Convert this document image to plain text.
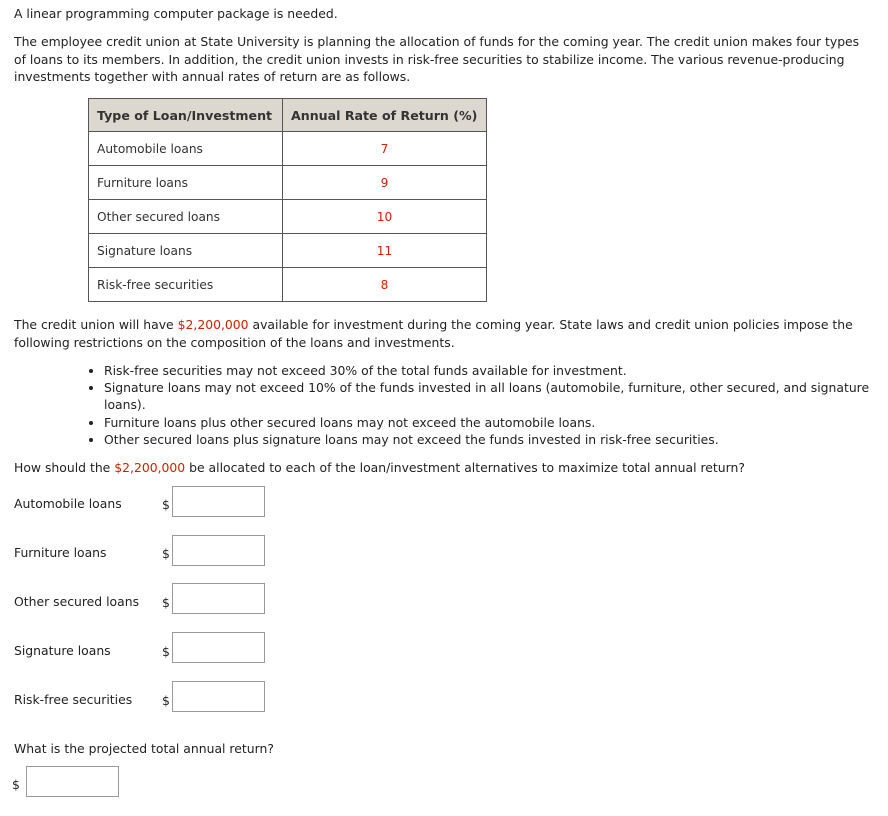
A linear programming computer package is needed.
The employee credit union at State University is planning the allocation of funds for the coming year. The credit union makes four types of loans to its members. In addition, the credit union invests in risk-free securities to stabilize income. The various revenue-producing investments together with annual rates of return are as follows.
Type of Loan/Investment	Annual Rate of Return (%)
Automobile loans	7
Furniture loans	9
Other secured loans	10
Signature loans	11
Risk-free securities	8
The credit union will have $2,200,000 available for investment during the coming year. State laws and credit union policies impose the following restrictions on the composition of the loans and investments.
• Risk-free securities may not exceed 30% of the total funds available for investment.
• Signature loans may not exceed 10% of the funds invested in all loans (automobile, furniture, other secured, and signature loans).
• Furniture loans plus other secured loans may not exceed the automobile loans.
• Other secured loans plus signature loans may not exceed the funds invested in risk-free securities.
How should the $2,200,000 be allocated to each of the loan/investment alternatives to maximize total annual return?
Automobile loans	$
Furniture loans	$
Other secured loans $
Signature loans	$
Risk-free securities $
What is the projected total annual return?
$
